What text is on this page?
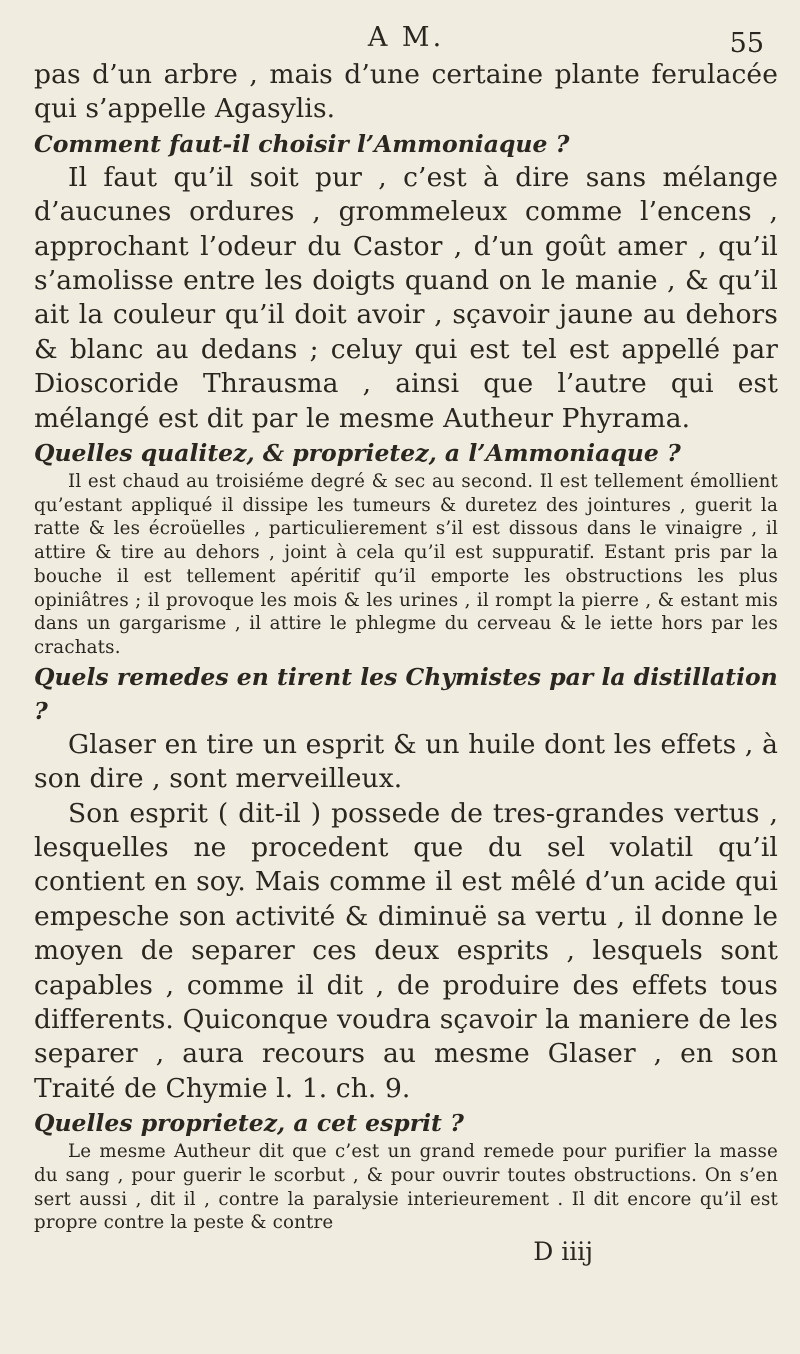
A M.	55

pas d’un arbre , mais d’une certaine plante ferulacée qui s’appelle Agasylis.

Comment faut-il choisir l’Ammoniaque ?

Il faut qu’il soit pur , c’est à dire sans mélange d’aucunes ordures , grommeleux comme l’encens , approchant l’odeur du Castor , d’un goût amer , qu’il s’amolisse entre les doigts quand on le manie , & qu’il ait la couleur qu’il doit avoir , sçavoir jaune au dehors & blanc au dedans ; celuy qui est tel est appellé par Dioscoride Thrausma , ainsi que l’autre qui est mélangé est dit par le mesme Autheur Phyrama.

Quelles qualitez, & proprietez, a l’Ammoniaque ?

Il est chaud au troisiéme degré & sec au second. Il est tellement émollient qu’estant appliqué il dissipe les tumeurs & duretez des jointures , guerit la ratte & les écroüelles , particulierement s’il est dissous dans le vinaigre , il attire & tire au dehors , joint à cela qu’il est suppuratif. Estant pris par la bouche il est tellement apéritif qu’il emporte les obstructions les plus opiniâtres ; il provoque les mois & les urines , il rompt la pierre , & estant mis dans un gargarisme , il attire le phlegme du cerveau & le iette hors par les crachats.

Quels remedes en tirent les Chymistes par la distillation ?

Glaser en tire un esprit & un huile dont les effets , à son dire , sont merveilleux.

Son esprit ( dit-il ) possede de tres-grandes vertus , lesquelles ne procedent que du sel volatil qu’il contient en soy. Mais comme il est mêlé d’un acide qui empesche son activité & diminuë sa vertu , il donne le moyen de separer ces deux esprits , lesquels sont capables , comme il dit , de produire des effets tous differents. Quiconque voudra sçavoir la maniere de les separer , aura recours au mesme Glaser , en son Traité de Chymie l. 1. ch. 9.

Quelles proprietez, a cet esprit ?

Le mesme Autheur dit que c’est un grand remede pour purifier la masse du sang , pour guerir le scorbut , & pour ouvrir toutes obstructions. On s’en sert aussi , dit il , contre la paralysie interieurement . Il dit encore qu’il est propre contre la peste & contre

D iiij
